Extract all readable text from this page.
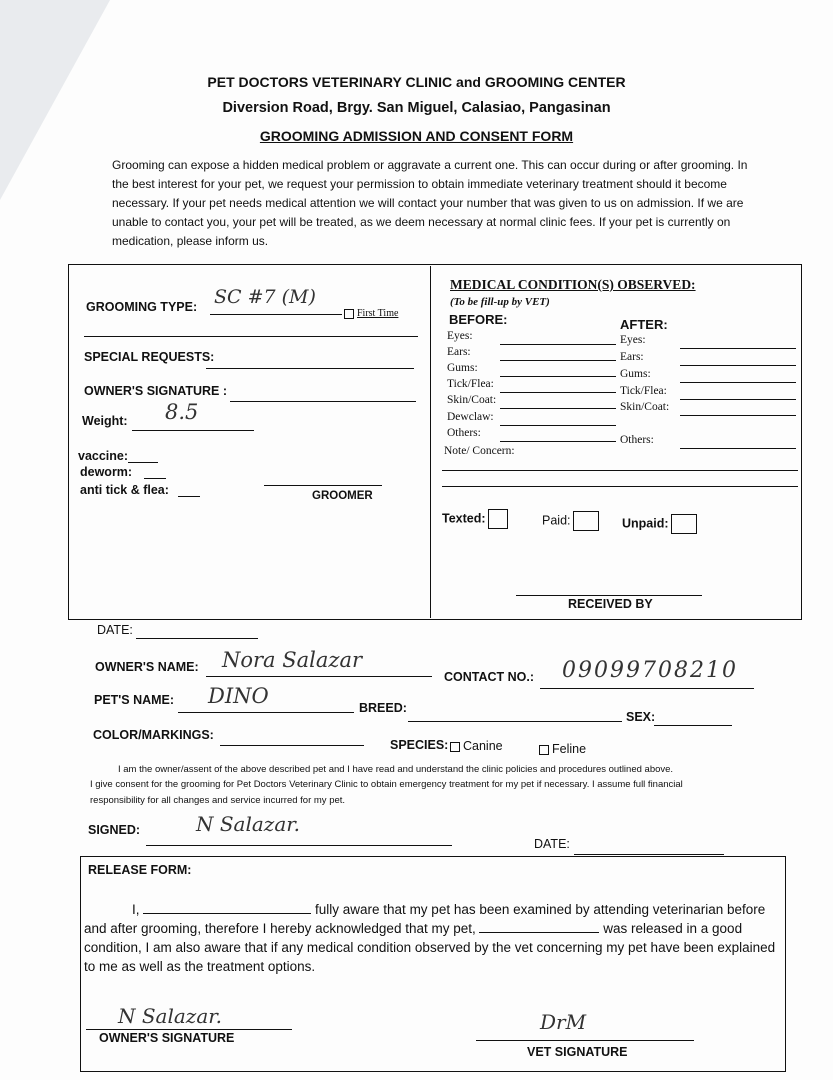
PET DOCTORS VETERINARY CLINIC and GROOMING CENTER
Diversion Road, Brgy. San Miguel, Calasiao, Pangasinan
GROOMING ADMISSION AND CONSENT FORM
Grooming can expose a hidden medical problem or aggravate a current one. This can occur during or after grooming. In the best interest for your pet, we request your permission to obtain immediate veterinary treatment should it become necessary. If your pet needs medical attention we will contact your number that was given to us on admission. If we are unable to contact you, your pet will be treated, as we deem necessary at normal clinic fees. If your pet is currently on medication, please inform us.
GROOMING TYPE: SC #7 (M)
First Time
SPECIAL REQUESTS:
OWNER'S SIGNATURE :
Weight: 8.5
vaccine:
deworm:
anti tick & flea:	GROOMER
MEDICAL CONDITION(S) OBSERVED:
(To be fill-up by VET)
BEFORE:	AFTER:
Eyes:
Ears:
Gums:
Tick/Flea:
Skin/Coat:
Dewclaw:
Others:
Eyes:
Ears:
Gums:
Tick/Flea:
Skin/Coat:
Others:
Note/ Concern:
Texted:	Paid:	Unpaid:
RECEIVED BY
DATE:
OWNER'S NAME: Nora Salazar
CONTACT NO.: 09099708210
PET'S NAME: DINO	BREED:
SEX:
COLOR/MARKINGS:
SPECIES:	Canine	Feline
I am the owner/assent of the above described pet and I have read and understand the clinic policies and procedures outlined above.
I give consent for the grooming for Pet Doctors Veterinary Clinic to obtain emergency treatment for my pet if necessary. I assume full financial
responsibility for all changes and service incurred for my pet.
SIGNED:	N Salazar.
DATE:
RELEASE FORM:
I,	fully aware that my pet has been examined by attending veterinarian before and after grooming, therefore I hereby acknowledged that my pet,	was released in a good condition, I am also aware that if any medical condition observed by the vet concerning my pet have been explained to me as well as the treatment options.
N Salazar.
OWNER'S SIGNATURE
DrM
VET SIGNATURE
